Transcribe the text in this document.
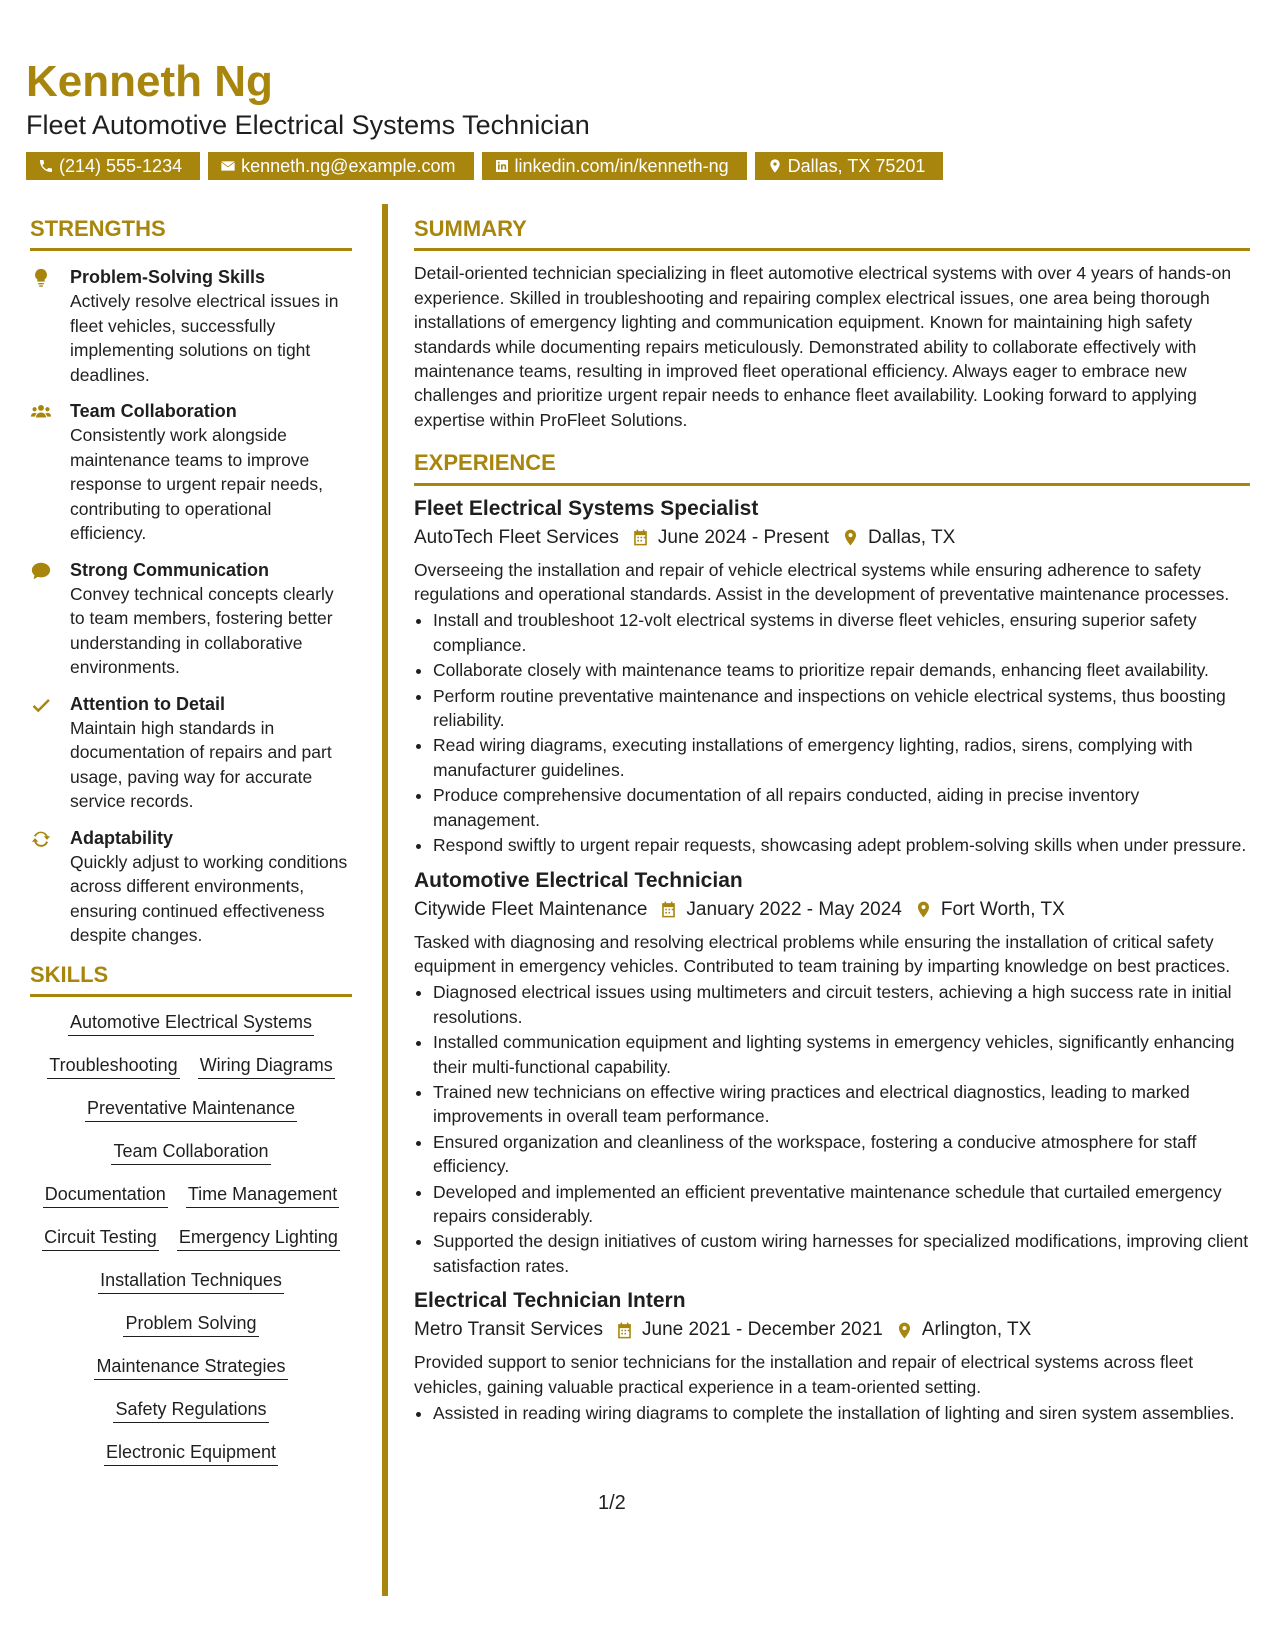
Kenneth Ng
Fleet Automotive Electrical Systems Technician
(214) 555-1234	kenneth.ng@example.com	linkedin.com/in/kenneth-ng	Dallas, TX 75201
STRENGTHS
Problem-Solving Skills
Actively resolve electrical issues in fleet vehicles, successfully implementing solutions on tight deadlines.
Team Collaboration
Consistently work alongside maintenance teams to improve response to urgent repair needs, contributing to operational efficiency.
Strong Communication
Convey technical concepts clearly to team members, fostering better understanding in collaborative environments.
Attention to Detail
Maintain high standards in documentation of repairs and part usage, paving way for accurate service records.
Adaptability
Quickly adjust to working conditions across different environments, ensuring continued effectiveness despite changes.
SKILLS
Automotive Electrical Systems
Troubleshooting Wiring Diagrams
Preventative Maintenance
Team Collaboration
Documentation Time Management
Circuit Testing Emergency Lighting
Installation Techniques
Problem Solving
Maintenance Strategies
Safety Regulations
Electronic Equipment
SUMMARY
Detail-oriented technician specializing in fleet automotive electrical systems with over 4 years of hands-on experience. Skilled in troubleshooting and repairing complex electrical issues, one area being thorough installations of emergency lighting and communication equipment. Known for maintaining high safety standards while documenting repairs meticulously. Demonstrated ability to collaborate effectively with maintenance teams, resulting in improved fleet operational efficiency. Always eager to embrace new challenges and prioritize urgent repair needs to enhance fleet availability. Looking forward to applying expertise within ProFleet Solutions.
EXPERIENCE
Fleet Electrical Systems Specialist
AutoTech Fleet Services June 2024 - Present Dallas, TX
Overseeing the installation and repair of vehicle electrical systems while ensuring adherence to safety regulations and operational standards. Assist in the development of preventative maintenance processes.
• Install and troubleshoot 12-volt electrical systems in diverse fleet vehicles, ensuring superior safety compliance.
• Collaborate closely with maintenance teams to prioritize repair demands, enhancing fleet availability.
• Perform routine preventative maintenance and inspections on vehicle electrical systems, thus boosting reliability.
• Read wiring diagrams, executing installations of emergency lighting, radios, sirens, complying with manufacturer guidelines.
• Produce comprehensive documentation of all repairs conducted, aiding in precise inventory management.
• Respond swiftly to urgent repair requests, showcasing adept problem-solving skills when under pressure.
Automotive Electrical Technician
Citywide Fleet Maintenance January 2022 - May 2024 Fort Worth, TX
Tasked with diagnosing and resolving electrical problems while ensuring the installation of critical safety equipment in emergency vehicles. Contributed to team training by imparting knowledge on best practices.
• Diagnosed electrical issues using multimeters and circuit testers, achieving a high success rate in initial resolutions.
• Installed communication equipment and lighting systems in emergency vehicles, significantly enhancing their multi-functional capability.
• Trained new technicians on effective wiring practices and electrical diagnostics, leading to marked improvements in overall team performance.
• Ensured organization and cleanliness of the workspace, fostering a conducive atmosphere for staff efficiency.
• Developed and implemented an efficient preventative maintenance schedule that curtailed emergency repairs considerably.
• Supported the design initiatives of custom wiring harnesses for specialized modifications, improving client satisfaction rates.
Electrical Technician Intern
Metro Transit Services June 2021 - December 2021 Arlington, TX
Provided support to senior technicians for the installation and repair of electrical systems across fleet vehicles, gaining valuable practical experience in a team-oriented setting.
• Assisted in reading wiring diagrams to complete the installation of lighting and siren system assemblies.
1/2
